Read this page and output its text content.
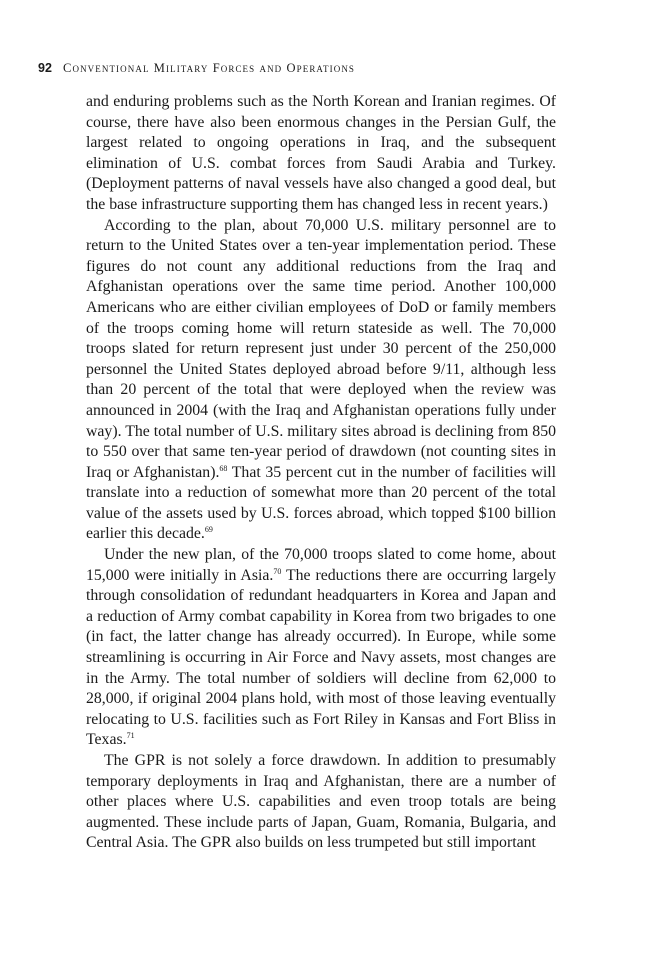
92 Conventional Military Forces and Operations

and enduring problems such as the North Korean and Iranian regimes. Of course, there have also been enormous changes in the Persian Gulf, the largest related to ongoing operations in Iraq, and the subsequent elimination of U.S. combat forces from Saudi Arabia and Turkey. (Deployment patterns of naval vessels have also changed a good deal, but the base infrastructure supporting them has changed less in recent years.)

According to the plan, about 70,000 U.S. military personnel are to return to the United States over a ten-year implementation period. These figures do not count any additional reductions from the Iraq and Afghanistan operations over the same time period. Another 100,000 Americans who are either civilian employees of DoD or family members of the troops coming home will return stateside as well. The 70,000 troops slated for return represent just under 30 percent of the 250,000 personnel the United States deployed abroad before 9/11, although less than 20 percent of the total that were deployed when the review was announced in 2004 (with the Iraq and Afghanistan operations fully under way). The total number of U.S. military sites abroad is declining from 850 to 550 over that same ten-year period of drawdown (not counting sites in Iraq or Afghanistan).$^{68}$ That 35 percent cut in the number of facilities will translate into a reduction of somewhat more than 20 percent of the total value of the assets used by U.S. forces abroad, which topped $100 billion earlier this decade.$^{69}$

Under the new plan, of the 70,000 troops slated to come home, about 15,000 were initially in Asia.$^{70}$ The reductions there are occurring largely through consolidation of redundant headquarters in Korea and Japan and a reduction of Army combat capability in Korea from two brigades to one (in fact, the latter change has already occurred). In Europe, while some streamlining is occurring in Air Force and Navy assets, most changes are in the Army. The total number of soldiers will decline from 62,000 to 28,000, if original 2004 plans hold, with most of those leaving eventually relocating to U.S. facilities such as Fort Riley in Kansas and Fort Bliss in Texas.$^{71}$

The GPR is not solely a force drawdown. In addition to presumably temporary deployments in Iraq and Afghanistan, there are a number of other places where U.S. capabilities and even troop totals are being augmented. These include parts of Japan, Guam, Romania, Bulgaria, and Central Asia. The GPR also builds on less trumpeted but still important
